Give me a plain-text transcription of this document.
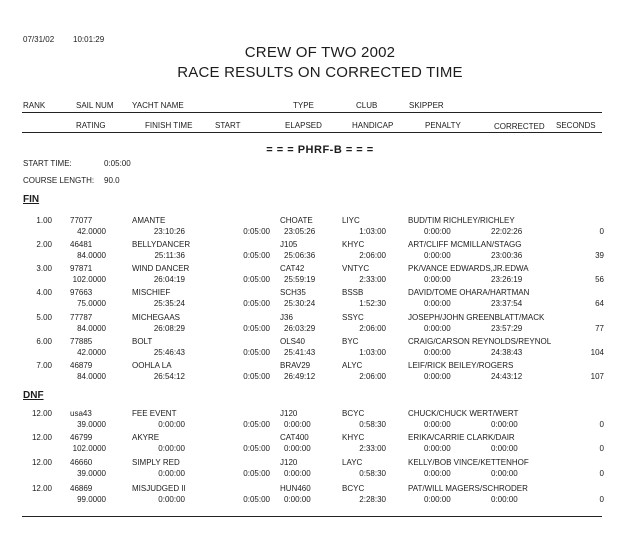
07/31/02 10:01:29
CREW OF TWO 2002
RACE RESULTS ON CORRECTED TIME
RANK	SAIL NUM YACHT NAME	TYPE	CLUB	SKIPPER
RATING	FINISH TIME	START	ELAPSED	HANDICAP	PENALTY	CORRECTED SECONDS
= = = PHRF-B = = =
START TIME:	0:05:00
COURSE LENGTH: 90.0
FIN
1.00 77077	AMANTE	CHOATE	LIYC	BUD/TIM RICHLEY/RICHLEY
42.0000	23:10:26	0:05:00 23:05:26	1:03:00	0:00:00	22:02:26	0
2.00 46481	BELLYDANCER	J105	KHYC	ART/CLIFF MCMILLAN/STAGG
84.0000	25:11:36	0:05:00 25:06:36	2:06:00	0:00:00	23:00:36	39
3.00 97871	WIND DANCER	CAT42	VNTYC	PK/VANCE EDWARDS,JR.EDWA
102.0000	26:04:19	0:05:00 25:59:19	2:33:00	0:00:00	23:26:19	56
4.00 97663	MISCHIEF	SCH35	BSSB	DAVID/TOME OHARA/HARTMAN
75.0000	25:35:24	0:05:00 25:30:24	1:52:30	0:00:00	23:37:54	64
5.00 77787	MICHEGAAS	J36	SSYC	JOSEPH/JOHN GREENBLATT/MACK
84.0000	26:08:29	0:05:00 26:03:29	2:06:00	0:00:00	23:57:29	77
6.00 77885	BOLT	OLS40	BYC	CRAIG/CARSON REYNOLDS/REYNOL
42.0000	25:46:43	0:05:00 25:41:43	1:03:00	0:00:00	24:38:43	104
7.00 46879	OOHLA LA	BRAV29	ALYC	LEIF/RICK BEILEY/ROGERS
84.0000	26:54:12	0:05:00 26:49:12	2:06:00	0:00:00	24:43:12	107
DNF
12.00 usa43	FEE EVENT	J120	BCYC	CHUCK/CHUCK WERT/WERT
39.0000	0:00:00	0:05:00 0:00:00	0:58:30	0:00:00	0:00:00	0
12.00 46799	AKYRE	CAT400	KHYC	ERIKA/CARRIE CLARK/DAIR
102.0000	0:00:00	0:05:00 0:00:00	2:33:00	0:00:00	0:00:00	0
12.00 46660	SIMPLY RED	J120	LAYC	KELLY/BOB VINCE/KETTENHOF
39.0000	0:00:00	0:05:00 0:00:00	0:58:30	0:00:00	0:00:00	0
12.00 46869	MISJUDGED II	HUN460	BCYC	PAT/WILL MAGERS/SCHRODER
99.0000	0:00:00	0:05:00 0:00:00	2:28:30	0:00:00	0:00:00	0
